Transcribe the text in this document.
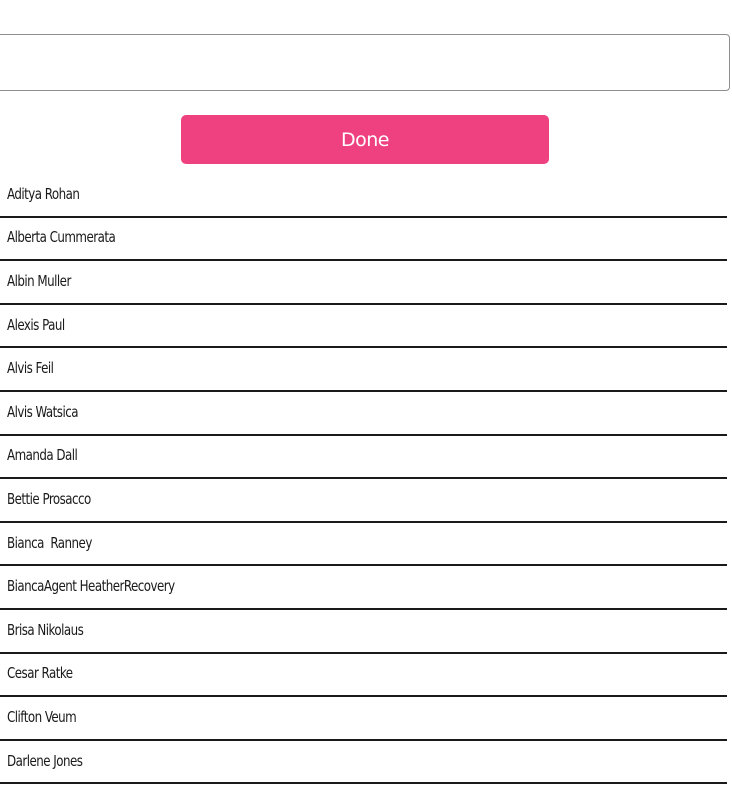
Done
Aditya Rohan
Alberta Cummerata
Albin Muller
Alexis Paul
Alvis Feil
Alvis Watsica
Amanda Dall
Bettie Prosacco
Bianca  Ranney
BiancaAgent HeatherRecovery
Brisa Nikolaus
Cesar Ratke
Clifton Veum
Darlene Jones
